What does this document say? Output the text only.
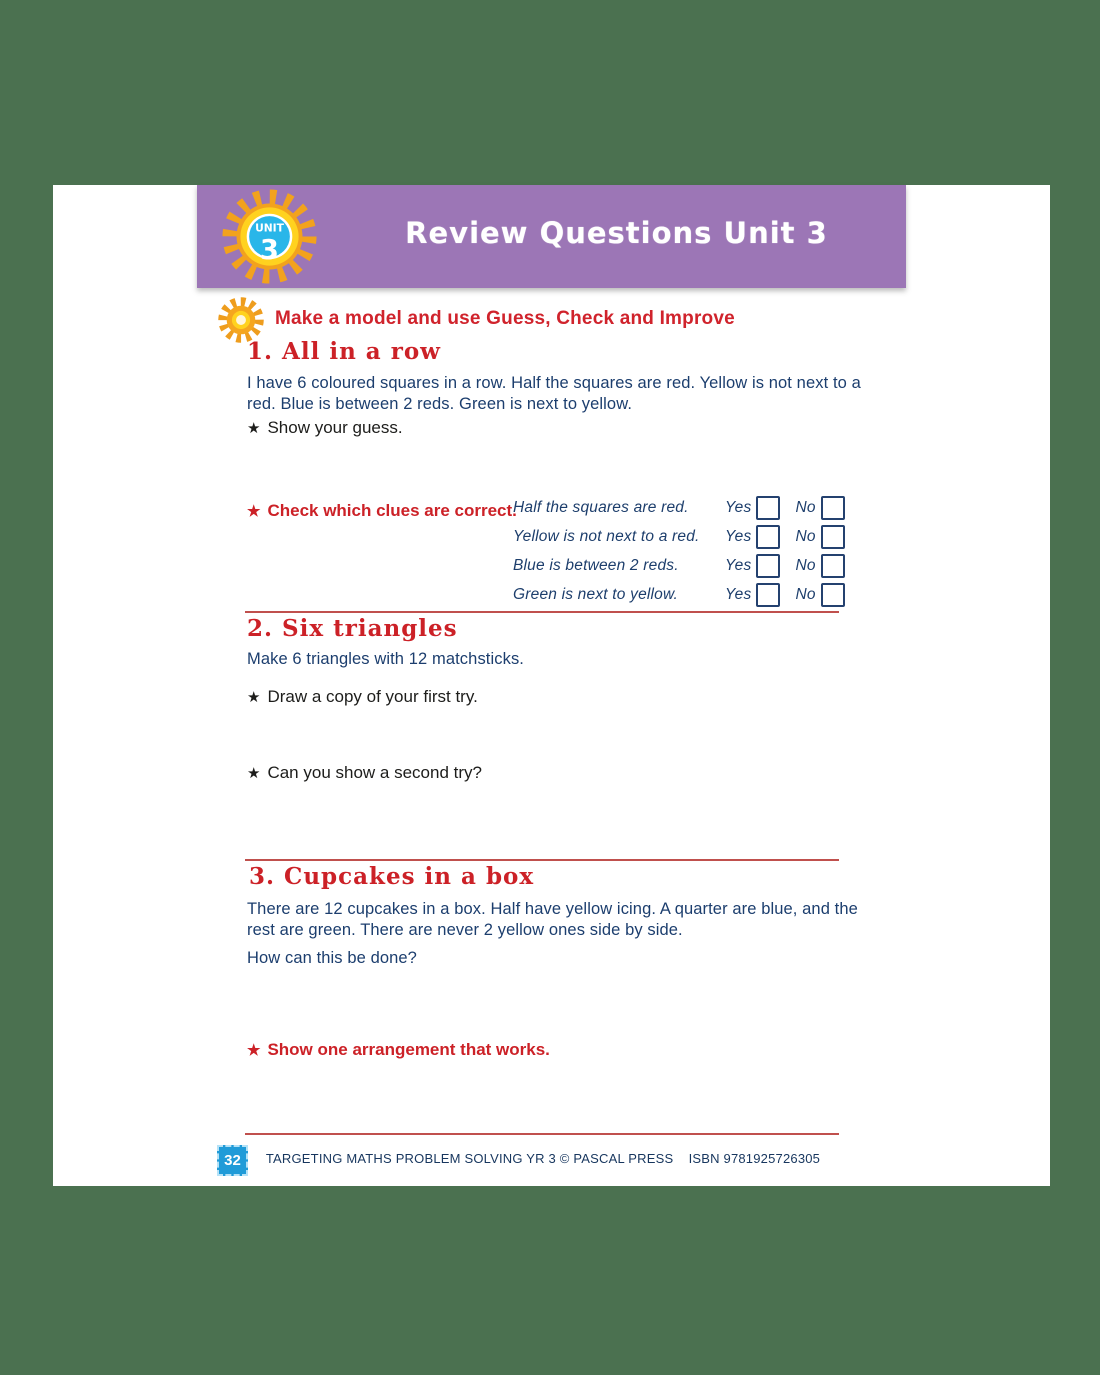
UNIT
3
Review Questions Unit 3
Make a model and use Guess, Check and Improve
1. All in a row
I have 6 coloured squares in a row. Half the squares are red. Yellow is not next to a
red. Blue is between 2 reds. Green is next to yellow.
★ Show your guess.
★ Check which clues are correct.
Half the squares are red.	Yes	No
Yellow is not next to a red.	Yes	No
Blue is between 2 reds.	Yes	No
Green is next to yellow.	Yes	No
2. Six triangles
Make 6 triangles with 12 matchsticks.
★ Draw a copy of your first try.
★ Can you show a second try?
3. Cupcakes in a box
There are 12 cupcakes in a box. Half have yellow icing. A quarter are blue, and the
rest are green. There are never 2 yellow ones side by side.
How can this be done?
★ Show one arrangement that works.
32	TARGETING MATHS PROBLEM SOLVING YR 3 © PASCAL PRESS    ISBN 9781925726305
